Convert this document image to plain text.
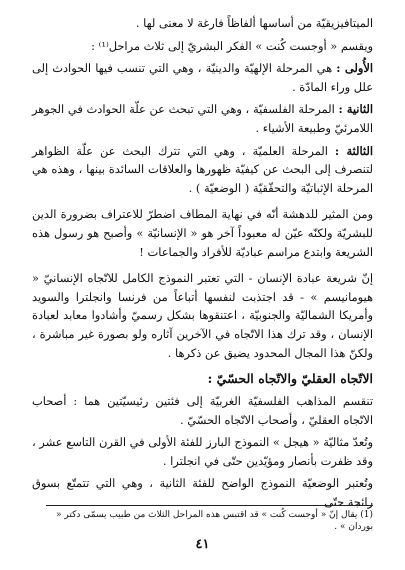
الميتافيزيقيّة من أساسها ألفاظاً فارغة لا معنى لها .

ويقسم « أوجست كُنت » الفكر البشريّ إلى ثلاث مراحل⁽¹⁾ :

الأُولى : هي المرحلة الإلهيّة والدينيّة ، وهي التي تنسب فيها الحوادث إلى علل وراء المادّة .

الثانية : المرحلة الفلسفيّة ، وهي التي تبحث عن علّة الحوادث في الجوهر اللامرئيّ وطبيعة الأشياء .

الثالثة : المرحلة العلميّة ، وهي التي تترك البحث عن علّة الظواهر لتنصرف إلى البحث عن كيفيّة ظهورها والعلاقات السائدة بينها ، وهذه هي المرحلة الإثباتيّة والتحقّقيّة ( الوضعيّة ) .

ومن المثير للدهشة أنّه في نهاية المطاف اضطرّ للاعتراف بضرورة الدين للبشريّة ولكنّه عيّن له معبوداً آخر هو « الإنسانيّة » وأصبح هو رسول هذه الشريعة وابتدع مراسم عباديّة للأفراد والجماعات !

إنّ شريعة عبادة الإنسان - التي تعتبر النموذج الكامل للاتّجاه الإنسانيّ « هيومانيسم » - قد اجتذبت لنفسها أتباعاً من فرنسا وانجلترا والسويد وأمريكا الشماليّة والجنوبيّة ، اعتنقوها بشكل رسميّ وأشادوا معابد لعبادة الإنسان ، وقد ترك هذا الاتّجاه في الآخرين آثاره ولو بصورة غير مباشرة ، ولكنّ هذا المجال المحدود يضيق عن ذكرها .

الاتّجاه العقليّ والاتّجاه الحسّيّ :

تنقسم المذاهب الفلسفيّة الغربيّة إلى فئتين رئيسيّتين هما : أصحاب الاتّجاه العقليّ ، وأصحاب الاتّجاه الحسّيّ .

وتُعدّ مثاليّة « هيجل » النموذج البارز للفئة الأولى في القرن التاسع عشر ، وقد ظفرت بأنصار ومؤيّدين حتّى في انجلترا .

وتُعتبر الوضعيّة النموذج الواضح للفئة الثانية ، وهي التي تتمتّع بسوق رائجة حتّى

(1) يقال إنّ « أوجست كُنت » قد اقتبس هذه المراحل الثلاث من طبيب يسمّى دكتر « بوردان » .
٤١
